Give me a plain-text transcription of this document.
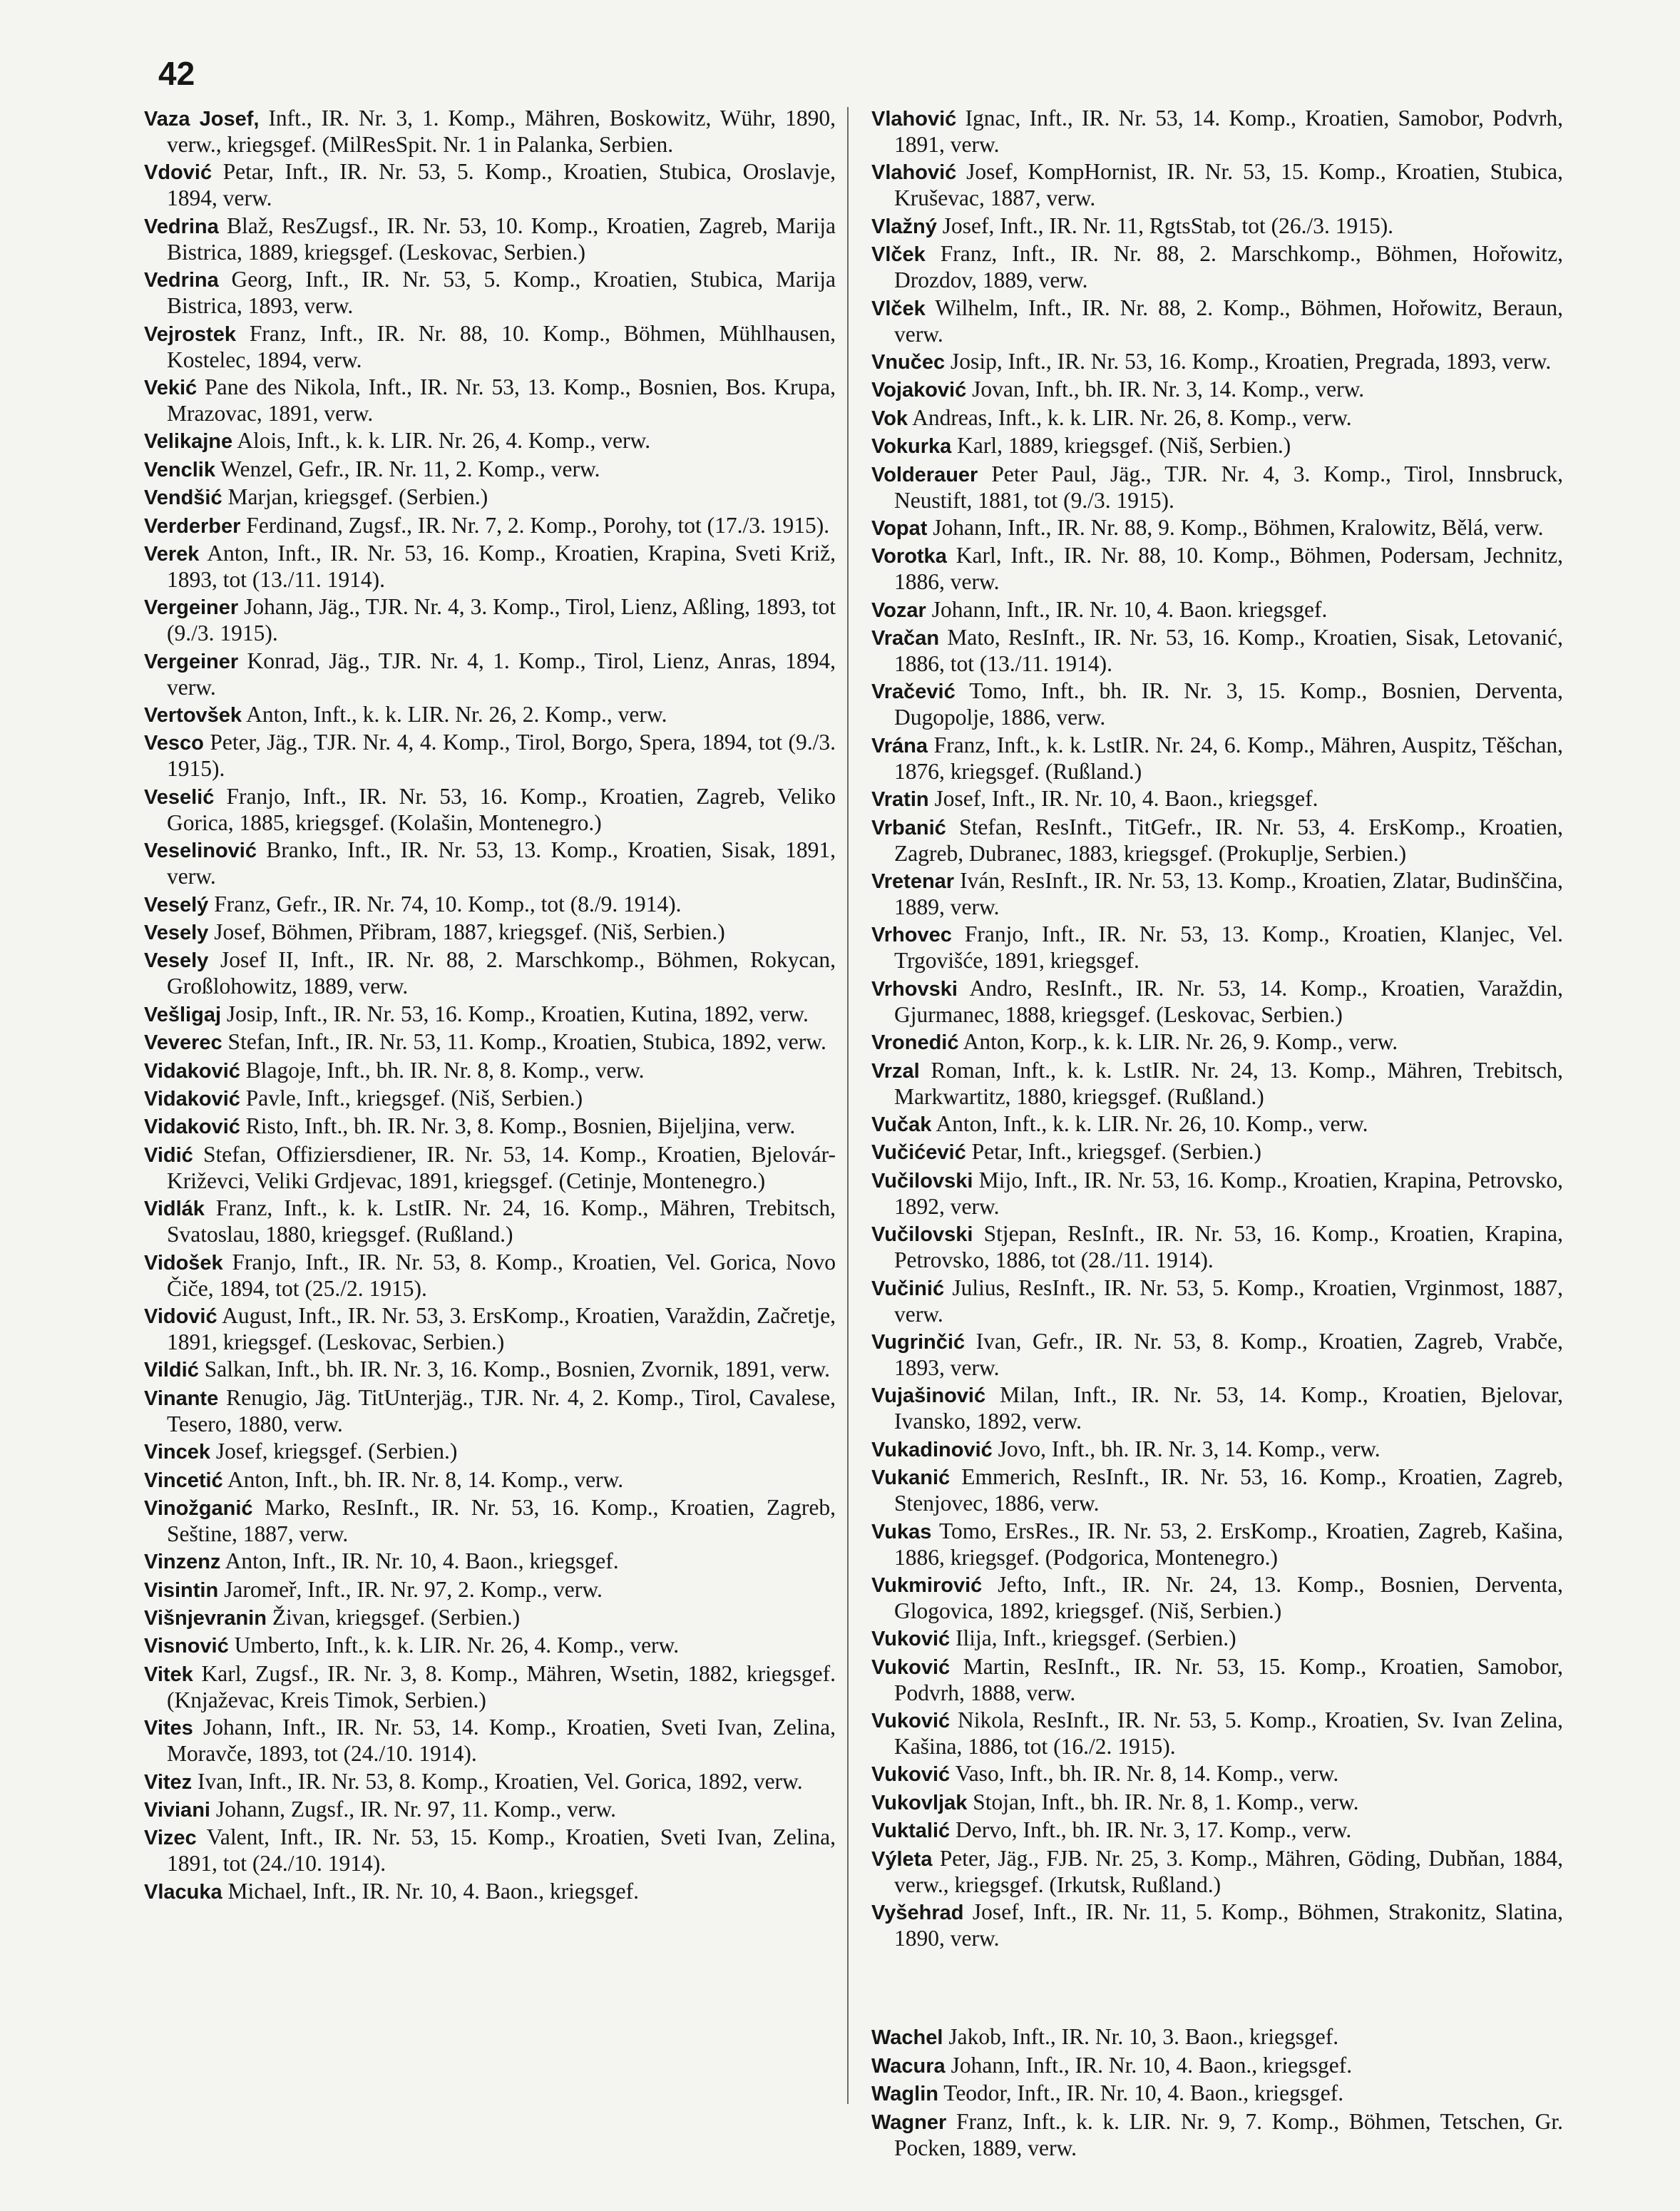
42

Vaza Josef, Inft., IR. Nr. 3, 1. Komp., Mähren, Boskowitz, Wühr, 1890, verw., kriegsgef. (MilResSpit. Nr. 1 in Palanka, Serbien.

Vdović Petar, Inft., IR. Nr. 53, 5. Komp., Kroatien, Stubica, Oroslavje, 1894, verw.

Vedrina Blaž, ResZugsf., IR. Nr. 53, 10. Komp., Kroatien, Zagreb, Marija Bistrica, 1889, kriegsgef. (Leskovac, Serbien.)

Vedrina Georg, Inft., IR. Nr. 53, 5. Komp., Kroatien, Stubica, Marija Bistrica, 1893, verw.

Vejrostek Franz, Inft., IR. Nr. 88, 10. Komp., Böhmen, Mühlhausen, Kostelec, 1894, verw.

Vekić Pane des Nikola, Inft., IR. Nr. 53, 13. Komp., Bosnien, Bos. Krupa, Mrazovac, 1891, verw.

Velikajne Alois, Inft., k. k. LIR. Nr. 26, 4. Komp., verw.

Venclik Wenzel, Gefr., IR. Nr. 11, 2. Komp., verw.

Vendšić Marjan, kriegsgef. (Serbien.)

Verderber Ferdinand, Zugsf., IR. Nr. 7, 2. Komp., Porohy, tot (17./3. 1915).

Verek Anton, Inft., IR. Nr. 53, 16. Komp., Kroatien, Krapina, Sveti Križ, 1893, tot (13./11. 1914).

Vergeiner Johann, Jäg., TJR. Nr. 4, 3. Komp., Tirol, Lienz, Aßling, 1893, tot (9./3. 1915).

Vergeiner Konrad, Jäg., TJR. Nr. 4, 1. Komp., Tirol, Lienz, Anras, 1894, verw.

Vertovšek Anton, Inft., k. k. LIR. Nr. 26, 2. Komp., verw.

Vesco Peter, Jäg., TJR. Nr. 4, 4. Komp., Tirol, Borgo, Spera, 1894, tot (9./3. 1915).

Veselić Franjo, Inft., IR. Nr. 53, 16. Komp., Kroatien, Zagreb, Veliko Gorica, 1885, kriegsgef. (Kolašin, Montenegro.)

Veselinović Branko, Inft., IR. Nr. 53, 13. Komp., Kroatien, Sisak, 1891, verw.

Veselý Franz, Gefr., IR. Nr. 74, 10. Komp., tot (8./9. 1914).

Vesely Josef, Böhmen, Přibram, 1887, kriegsgef. (Niš, Serbien.)

Vesely Josef II, Inft., IR. Nr. 88, 2. Marschkomp., Böhmen, Rokycan, Großlohowitz, 1889, verw.

Vešligaj Josip, Inft., IR. Nr. 53, 16. Komp., Kroatien, Kutina, 1892, verw.

Veverec Stefan, Inft., IR. Nr. 53, 11. Komp., Kroatien, Stubica, 1892, verw.

Vidaković Blagoje, Inft., bh. IR. Nr. 8, 8. Komp., verw.

Vidaković Pavle, Inft., kriegsgef. (Niš, Serbien.)

Vidaković Risto, Inft., bh. IR. Nr. 3, 8. Komp., Bosnien, Bijeljina, verw.

Vidić Stefan, Offiziersdiener, IR. Nr. 53, 14. Komp., Kroatien, Bjelovár-Križevci, Veliki Grdjevac, 1891, kriegsgef. (Cetinje, Montenegro.)

Vidlák Franz, Inft., k. k. LstIR. Nr. 24, 16. Komp., Mähren, Trebitsch, Svatoslau, 1880, kriegsgef. (Rußland.)

Vidošek Franjo, Inft., IR. Nr. 53, 8. Komp., Kroatien, Vel. Gorica, Novo Čiče, 1894, tot (25./2. 1915).

Vidović August, Inft., IR. Nr. 53, 3. ErsKomp., Kroatien, Varaždin, Začretje, 1891, kriegsgef. (Leskovac, Serbien.)

Vildić Salkan, Inft., bh. IR. Nr. 3, 16. Komp., Bosnien, Zvornik, 1891, verw.

Vinante Renugio, Jäg. TitUnterjäg., TJR. Nr. 4, 2. Komp., Tirol, Cavalese, Tesero, 1880, verw.

Vincek Josef, kriegsgef. (Serbien.)

Vincetić Anton, Inft., bh. IR. Nr. 8, 14. Komp., verw.

Vinožganić Marko, ResInft., IR. Nr. 53, 16. Komp., Kroatien, Zagreb, Seštine, 1887, verw.

Vinzenz Anton, Inft., IR. Nr. 10, 4. Baon., kriegsgef.

Visintin Jaromeř, Inft., IR. Nr. 97, 2. Komp., verw.

Višnjevranin Živan, kriegsgef. (Serbien.)

Visnović Umberto, Inft., k. k. LIR. Nr. 26, 4. Komp., verw.

Vitek Karl, Zugsf., IR. Nr. 3, 8. Komp., Mähren, Wsetin, 1882, kriegsgef. (Knjaževac, Kreis Timok, Serbien.)

Vites Johann, Inft., IR. Nr. 53, 14. Komp., Kroatien, Sveti Ivan, Zelina, Moravče, 1893, tot (24./10. 1914).

Vitez Ivan, Inft., IR. Nr. 53, 8. Komp., Kroatien, Vel. Gorica, 1892, verw.

Viviani Johann, Zugsf., IR. Nr. 97, 11. Komp., verw.

Vizec Valent, Inft., IR. Nr. 53, 15. Komp., Kroatien, Sveti Ivan, Zelina, 1891, tot (24./10. 1914).

Vlacuka Michael, Inft., IR. Nr. 10, 4. Baon., kriegsgef.

Vlahović Ignac, Inft., IR. Nr. 53, 14. Komp., Kroatien, Samobor, Podvrh, 1891, verw.

Vlahović Josef, KompHornist, IR. Nr. 53, 15. Komp., Kroatien, Stubica, Kruševac, 1887, verw.

Vlažný Josef, Inft., IR. Nr. 11, RgtsStab, tot (26./3. 1915).

Vlček Franz, Inft., IR. Nr. 88, 2. Marschkomp., Böhmen, Hořowitz, Drozdov, 1889, verw.

Vlček Wilhelm, Inft., IR. Nr. 88, 2. Komp., Böhmen, Hořowitz, Beraun, verw.

Vnučec Josip, Inft., IR. Nr. 53, 16. Komp., Kroatien, Pregrada, 1893, verw.

Vojaković Jovan, Inft., bh. IR. Nr. 3, 14. Komp., verw.

Vok Andreas, Inft., k. k. LIR. Nr. 26, 8. Komp., verw.

Vokurka Karl, 1889, kriegsgef. (Niš, Serbien.)

Volderauer Peter Paul, Jäg., TJR. Nr. 4, 3. Komp., Tirol, Innsbruck, Neustift, 1881, tot (9./3. 1915).

Vopat Johann, Inft., IR. Nr. 88, 9. Komp., Böhmen, Kralowitz, Bělá, verw.

Vorotka Karl, Inft., IR. Nr. 88, 10. Komp., Böhmen, Podersam, Jechnitz, 1886, verw.

Vozar Johann, Inft., IR. Nr. 10, 4. Baon. kriegsgef.

Vračan Mato, ResInft., IR. Nr. 53, 16. Komp., Kroatien, Sisak, Letovanić, 1886, tot (13./11. 1914).

Vračević Tomo, Inft., bh. IR. Nr. 3, 15. Komp., Bosnien, Derventa, Dugopolje, 1886, verw.

Vrána Franz, Inft., k. k. LstIR. Nr. 24, 6. Komp., Mähren, Auspitz, Těšchan, 1876, kriegsgef. (Rußland.)

Vratin Josef, Inft., IR. Nr. 10, 4. Baon., kriegsgef.

Vrbanić Stefan, ResInft., TitGefr., IR. Nr. 53, 4. ErsKomp., Kroatien, Zagreb, Dubranec, 1883, kriegsgef. (Prokuplje, Serbien.)

Vretenar Iván, ResInft., IR. Nr. 53, 13. Komp., Kroatien, Zlatar, Budinščina, 1889, verw.

Vrhovec Franjo, Inft., IR. Nr. 53, 13. Komp., Kroatien, Klanjec, Vel. Trgovišće, 1891, kriegsgef.

Vrhovski Andro, ResInft., IR. Nr. 53, 14. Komp., Kroatien, Varaždin, Gjurmanec, 1888, kriegsgef. (Leskovac, Serbien.)

Vronedić Anton, Korp., k. k. LIR. Nr. 26, 9. Komp., verw.

Vrzal Roman, Inft., k. k. LstIR. Nr. 24, 13. Komp., Mähren, Trebitsch, Markwartitz, 1880, kriegsgef. (Rußland.)

Vučak Anton, Inft., k. k. LIR. Nr. 26, 10. Komp., verw.

Vučićević Petar, Inft., kriegsgef. (Serbien.)

Vučilovski Mijo, Inft., IR. Nr. 53, 16. Komp., Kroatien, Krapina, Petrovsko, 1892, verw.

Vučilovski Stjepan, ResInft., IR. Nr. 53, 16. Komp., Kroatien, Krapina, Petrovsko, 1886, tot (28./11. 1914).

Vučinić Julius, ResInft., IR. Nr. 53, 5. Komp., Kroatien, Vrginmost, 1887, verw.

Vugrinčić Ivan, Gefr., IR. Nr. 53, 8. Komp., Kroatien, Zagreb, Vrabče, 1893, verw.

Vujašinović Milan, Inft., IR. Nr. 53, 14. Komp., Kroatien, Bjelovar, Ivansko, 1892, verw.

Vukadinović Jovo, Inft., bh. IR. Nr. 3, 14. Komp., verw.

Vukanić Emmerich, ResInft., IR. Nr. 53, 16. Komp., Kroatien, Zagreb, Stenjovec, 1886, verw.

Vukas Tomo, ErsRes., IR. Nr. 53, 2. ErsKomp., Kroatien, Zagreb, Kašina, 1886, kriegsgef. (Podgorica, Montenegro.)

Vukmirović Jefto, Inft., IR. Nr. 24, 13. Komp., Bosnien, Derventa, Glogovica, 1892, kriegsgef. (Niš, Serbien.)

Vuković Ilija, Inft., kriegsgef. (Serbien.)

Vuković Martin, ResInft., IR. Nr. 53, 15. Komp., Kroatien, Samobor, Podvrh, 1888, verw.

Vuković Nikola, ResInft., IR. Nr. 53, 5. Komp., Kroatien, Sv. Ivan Zelina, Kašina, 1886, tot (16./2. 1915).

Vuković Vaso, Inft., bh. IR. Nr. 8, 14. Komp., verw.

Vukovljak Stojan, Inft., bh. IR. Nr. 8, 1. Komp., verw.

Vuktalić Dervo, Inft., bh. IR. Nr. 3, 17. Komp., verw.

Výleta Peter, Jäg., FJB. Nr. 25, 3. Komp., Mähren, Göding, Dubňan, 1884, verw., kriegsgef. (Irkutsk, Rußland.)

Vyšehrad Josef, Inft., IR. Nr. 11, 5. Komp., Böhmen, Strakonitz, Slatina, 1890, verw.

Wachel Jakob, Inft., IR. Nr. 10, 3. Baon., kriegsgef.

Wacura Johann, Inft., IR. Nr. 10, 4. Baon., kriegsgef.

Waglin Teodor, Inft., IR. Nr. 10, 4. Baon., kriegsgef.

Wagner Franz, Inft., k. k. LIR. Nr. 9, 7. Komp., Böhmen, Tetschen, Gr. Pocken, 1889, verw.
